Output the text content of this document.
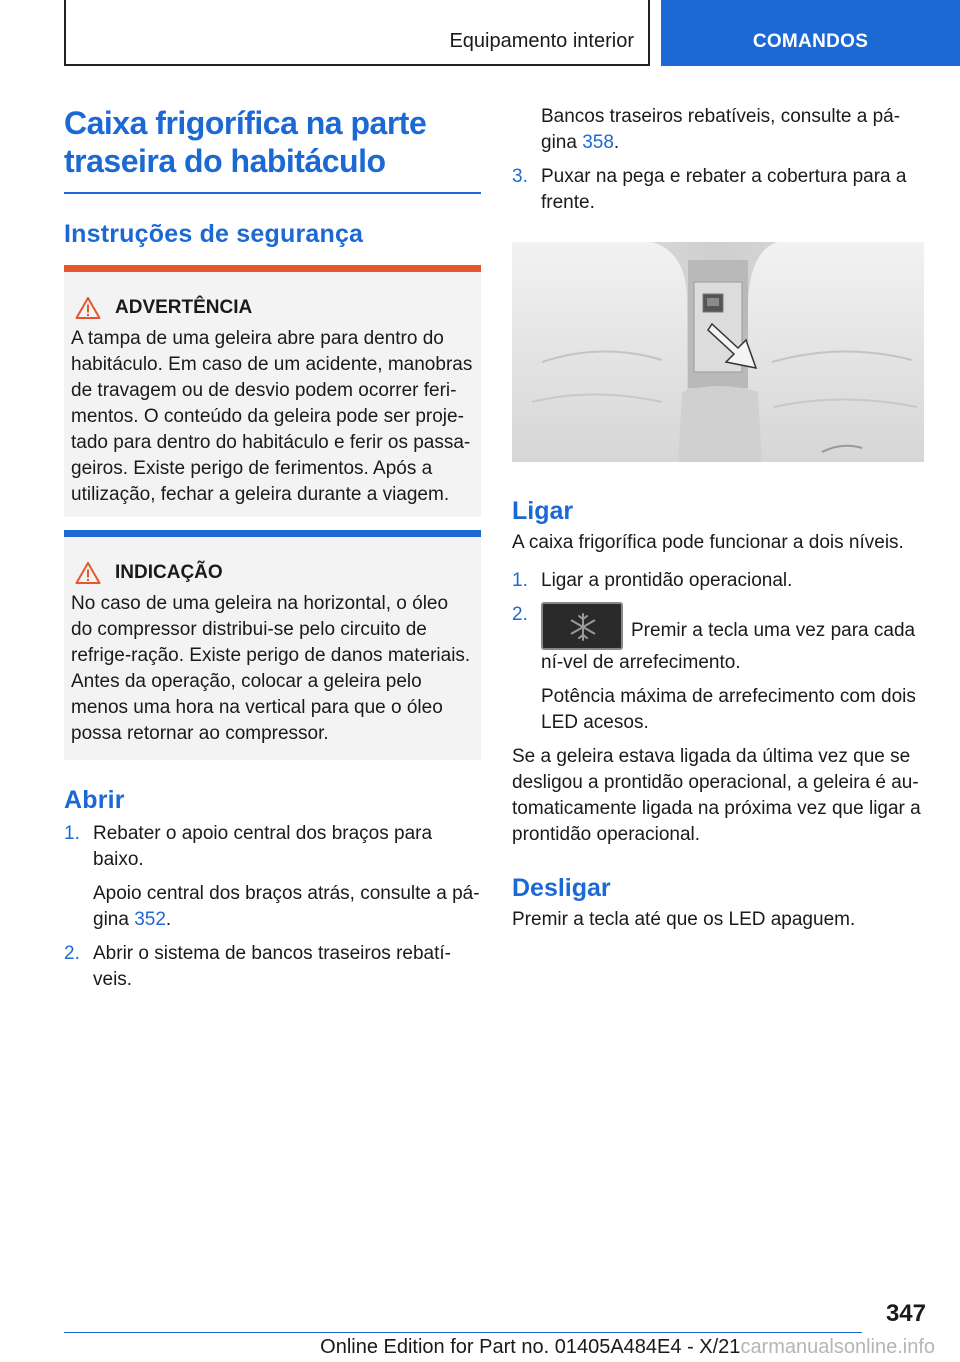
Equipamento interior	COMANDOS
Caixa frigorífica na parte traseira do habitáculo
Instruções de segurança
ADVERTÊNCIA
A tampa de uma geleira abre para dentro do habitáculo. Em caso de um acidente, manobras de travagem ou de desvio podem ocorrer feri-mentos. O conteúdo da geleira pode ser proje-tado para dentro do habitáculo e ferir os passa-geiros. Existe perigo de ferimentos. Após a utilização, fechar a geleira durante a viagem.
INDICAÇÃO
No caso de uma geleira na horizontal, o óleo do compressor distribui-se pelo circuito de refrige-ração. Existe perigo de danos materiais. Antes da operação, colocar a geleira pelo menos uma hora na vertical para que o óleo possa retornar ao compressor.
Abrir
1. Rebater o apoio central dos braços para baixo.
Apoio central dos braços atrás, consulte a pá-gina 352.
2. Abrir o sistema de bancos traseiros rebatí-veis.
Bancos traseiros rebatíveis, consulte a pá-gina 358.
3. Puxar na pega e rebater a cobertura para a frente.
Ligar
A caixa frigorífica pode funcionar a dois níveis.
1. Ligar a prontidão operacional.
2.
Premir a tecla uma vez para cada ní-vel de arrefecimento.
Potência máxima de arrefecimento com dois LED acesos.
Se a geleira estava ligada da última vez que se desligou a prontidão operacional, a geleira é au-tomaticamente ligada na próxima vez que ligar a prontidão operacional.
Desligar
Premir a tecla até que os LED apaguem.
347
Online Edition for Part no. 01405A484E4 - X/21carmanualsonline.info
